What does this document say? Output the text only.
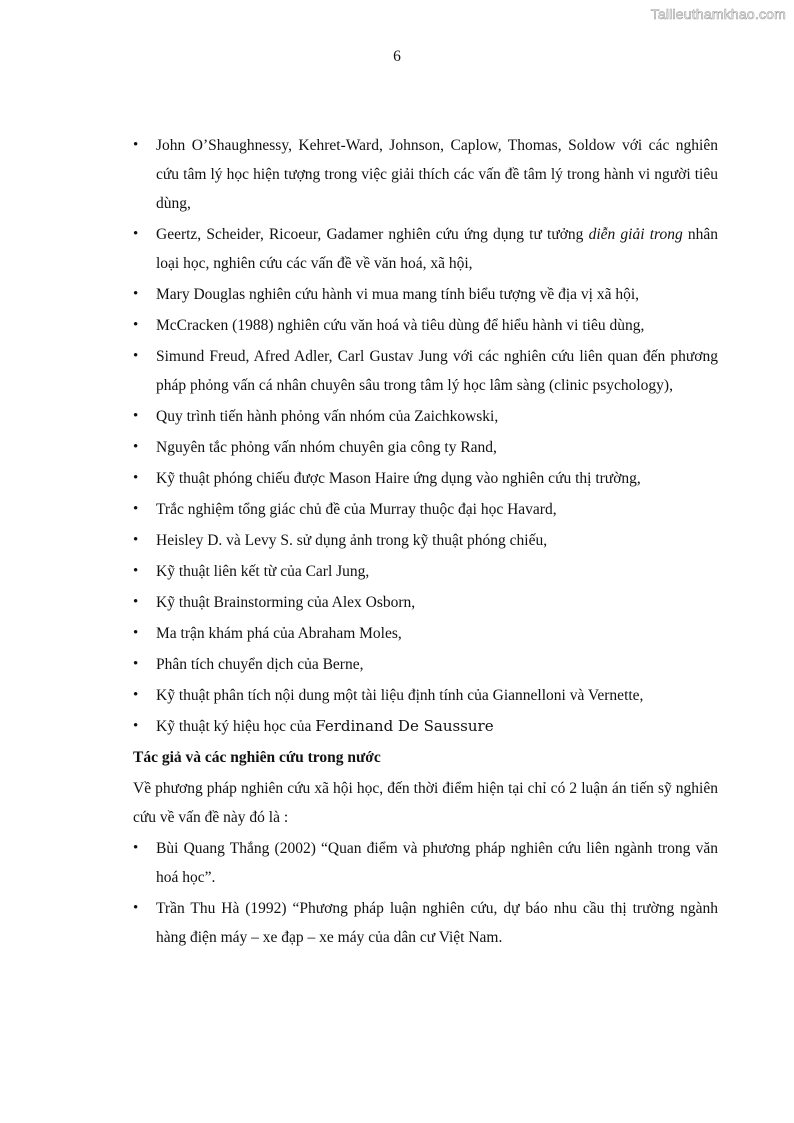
Tailieuthamkhao.com
6
• John O’Shaughnessy, Kehret-Ward, Johnson, Caplow, Thomas, Soldow với các nghiên cứu tâm lý học hiện tượng trong việc giải thích các vấn đề tâm lý trong hành vi người tiêu dùng,
• Geertz, Scheider, Ricoeur, Gadamer nghiên cứu ứng dụng tư tưởng diễn giải trong nhân loại học, nghiên cứu các vấn đề về văn hoá, xã hội,
• Mary Douglas nghiên cứu hành vi mua mang tính biểu tượng về địa vị xã hội,
• McCracken (1988) nghiên cứu văn hoá và tiêu dùng để hiểu hành vi tiêu dùng,
• Simund Freud, Afred Adler, Carl Gustav Jung với các nghiên cứu liên quan đến phương pháp phỏng vấn cá nhân chuyên sâu trong tâm lý học lâm sàng (clinic psychology),
• Quy trình tiến hành phỏng vấn nhóm của Zaichkowski,
• Nguyên tắc phỏng vấn nhóm chuyên gia công ty Rand,
• Kỹ thuật phóng chiếu được Mason Haire ứng dụng vào nghiên cứu thị trường,
• Trắc nghiệm tổng giác chủ đề của Murray thuộc đại học Havard,
• Heisley D. và Levy S. sử dụng ảnh trong kỹ thuật phóng chiếu,
• Kỹ thuật liên kết từ của Carl Jung,
• Kỹ thuật Brainstorming của Alex Osborn,
• Ma trận khám phá của Abraham Moles,
• Phân tích chuyển dịch của Berne,
• Kỹ thuật phân tích nội dung một tài liệu định tính của Giannelloni và Vernette,
• Kỹ thuật ký hiệu học của Ferdinand De Saussure

Tác giả và các nghiên cứu trong nước

Về phương pháp nghiên cứu xã hội học, đến thời điểm hiện tại chỉ có 2 luận án tiến sỹ nghiên cứu về vấn đề này đó là :

• Bùi Quang Thắng (2002) “Quan điểm và phương pháp nghiên cứu liên ngành trong văn hoá học”.
• Trần Thu Hà (1992) “Phương pháp luận nghiên cứu, dự báo nhu cầu thị trường ngành hàng điện máy – xe đạp – xe máy của dân cư Việt Nam.
